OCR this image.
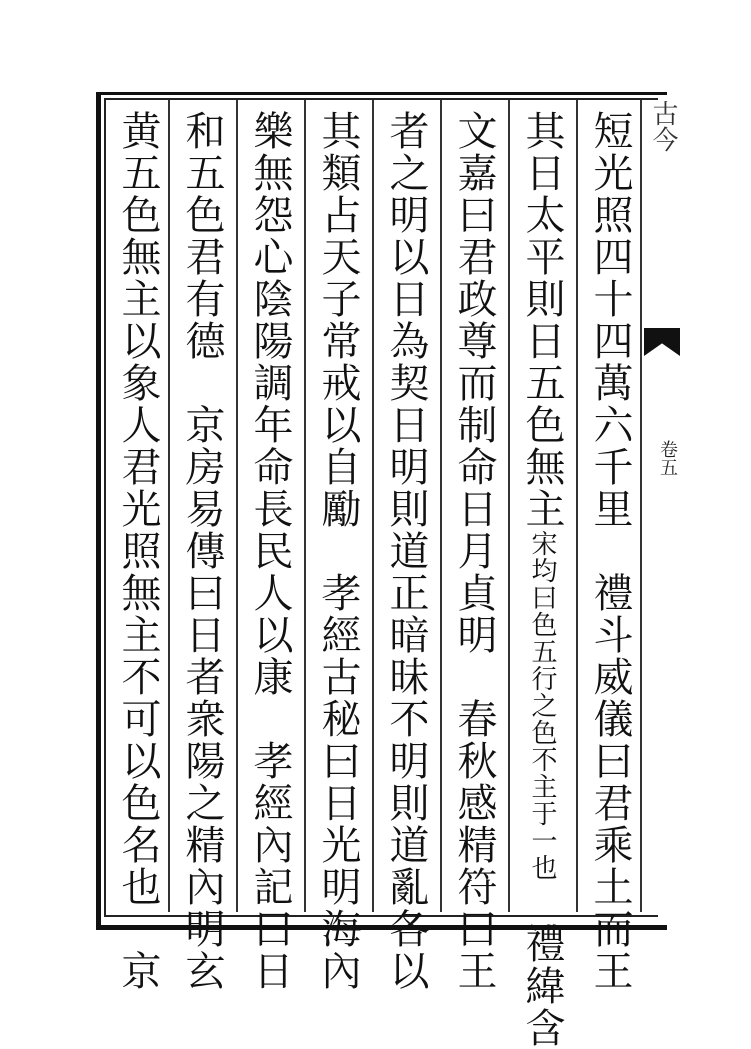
古今
卷五
短光照四十四萬六千里　禮斗威儀曰君乘土而王
其日太平則日五色無主宋均曰色五行之色不主于一也　禮緯含
文嘉曰君政尊而制命日月貞明　春秋感精符曰王
者之明以日為契日明則道正暗昧不明則道亂各以
其類占天子常戒以自勵　孝經古秘曰日光明海內
樂無怨心陰陽調年命長民人以康　孝經內記曰日
和五色君有德　京房易傳曰日者衆陽之精內明玄
黄五色無主以象人君光照無主不可以色名也　京
